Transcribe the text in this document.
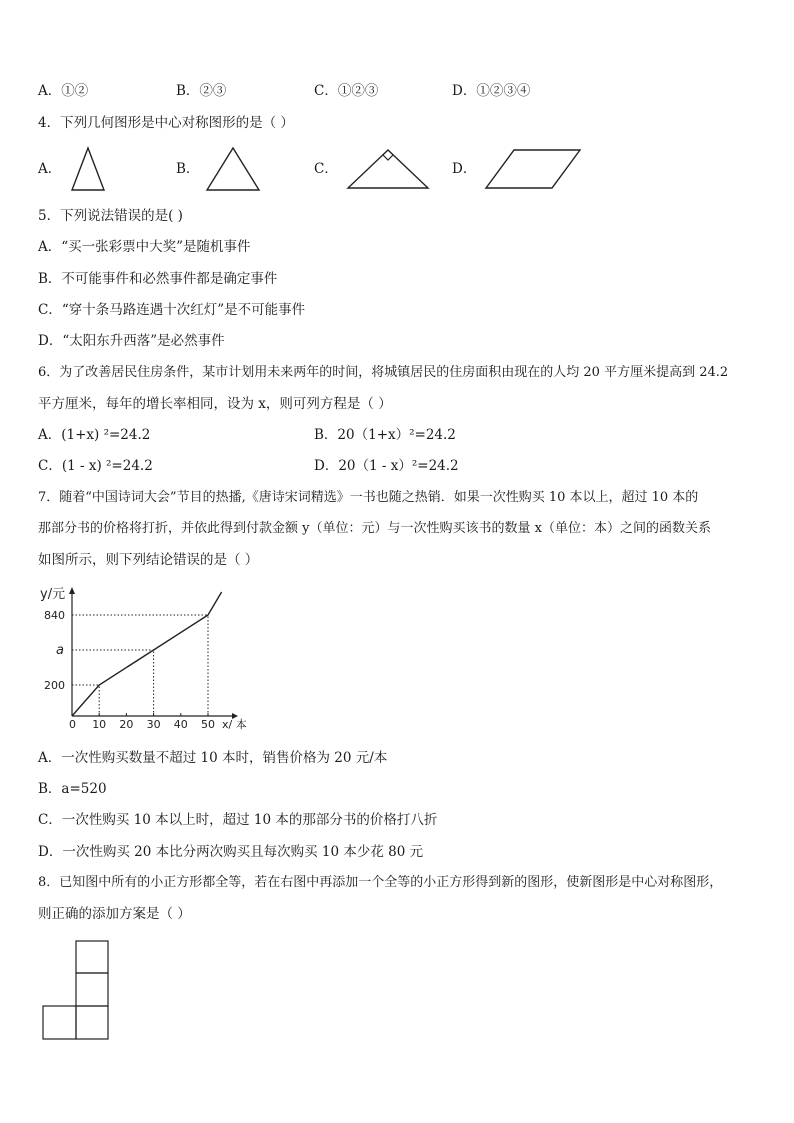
A．①②	B．②③	C．①②③	D．①②③④
4．下列几何图形是中心对称图形的是（ ）
A．	B．	C．	D．
5．下列说法错误的是( )
A．“买一张彩票中大奖”是随机事件
B．不可能事件和必然事件都是确定事件
C．“穿十条马路连遇十次红灯”是不可能事件
D．“太阳东升西落”是必然事件
6．为了改善居民住房条件，某市计划用未来两年的时间，将城镇居民的住房面积由现在的人均 20 平方厘米提高到 24.2
平方厘米，每年的增长率相同，设为 x，则可列方程是（ ）
A．(1+x) ²=24.2	B．20（1+x）²=24.2
C．(1 - x) ²=24.2	D．20（1 - x）²=24.2
7．随着“中国诗词大会”节目的热播,《唐诗宋词精选》一书也随之热销．如果一次性购买 10 本以上，超过 10 本的
那部分书的价格将打折，并依此得到付款金额 y（单位：元）与一次性购买该书的数量 x（单位：本）之间的函数关系
如图所示，则下列结论错误的是（ ）
0 10 20 30 40 50
200
a
840
y/元
x/ 本
A．一次性购买数量不超过 10 本时，销售价格为 20 元/本
B．a=520
C．一次性购买 10 本以上时，超过 10 本的那部分书的价格打八折
D．一次性购买 20 本比分两次购买且每次购买 10 本少花 80 元
8．已知图中所有的小正方形都全等，若在右图中再添加一个全等的小正方形得到新的图形，使新图形是中心对称图形，
则正确的添加方案是（ ）
